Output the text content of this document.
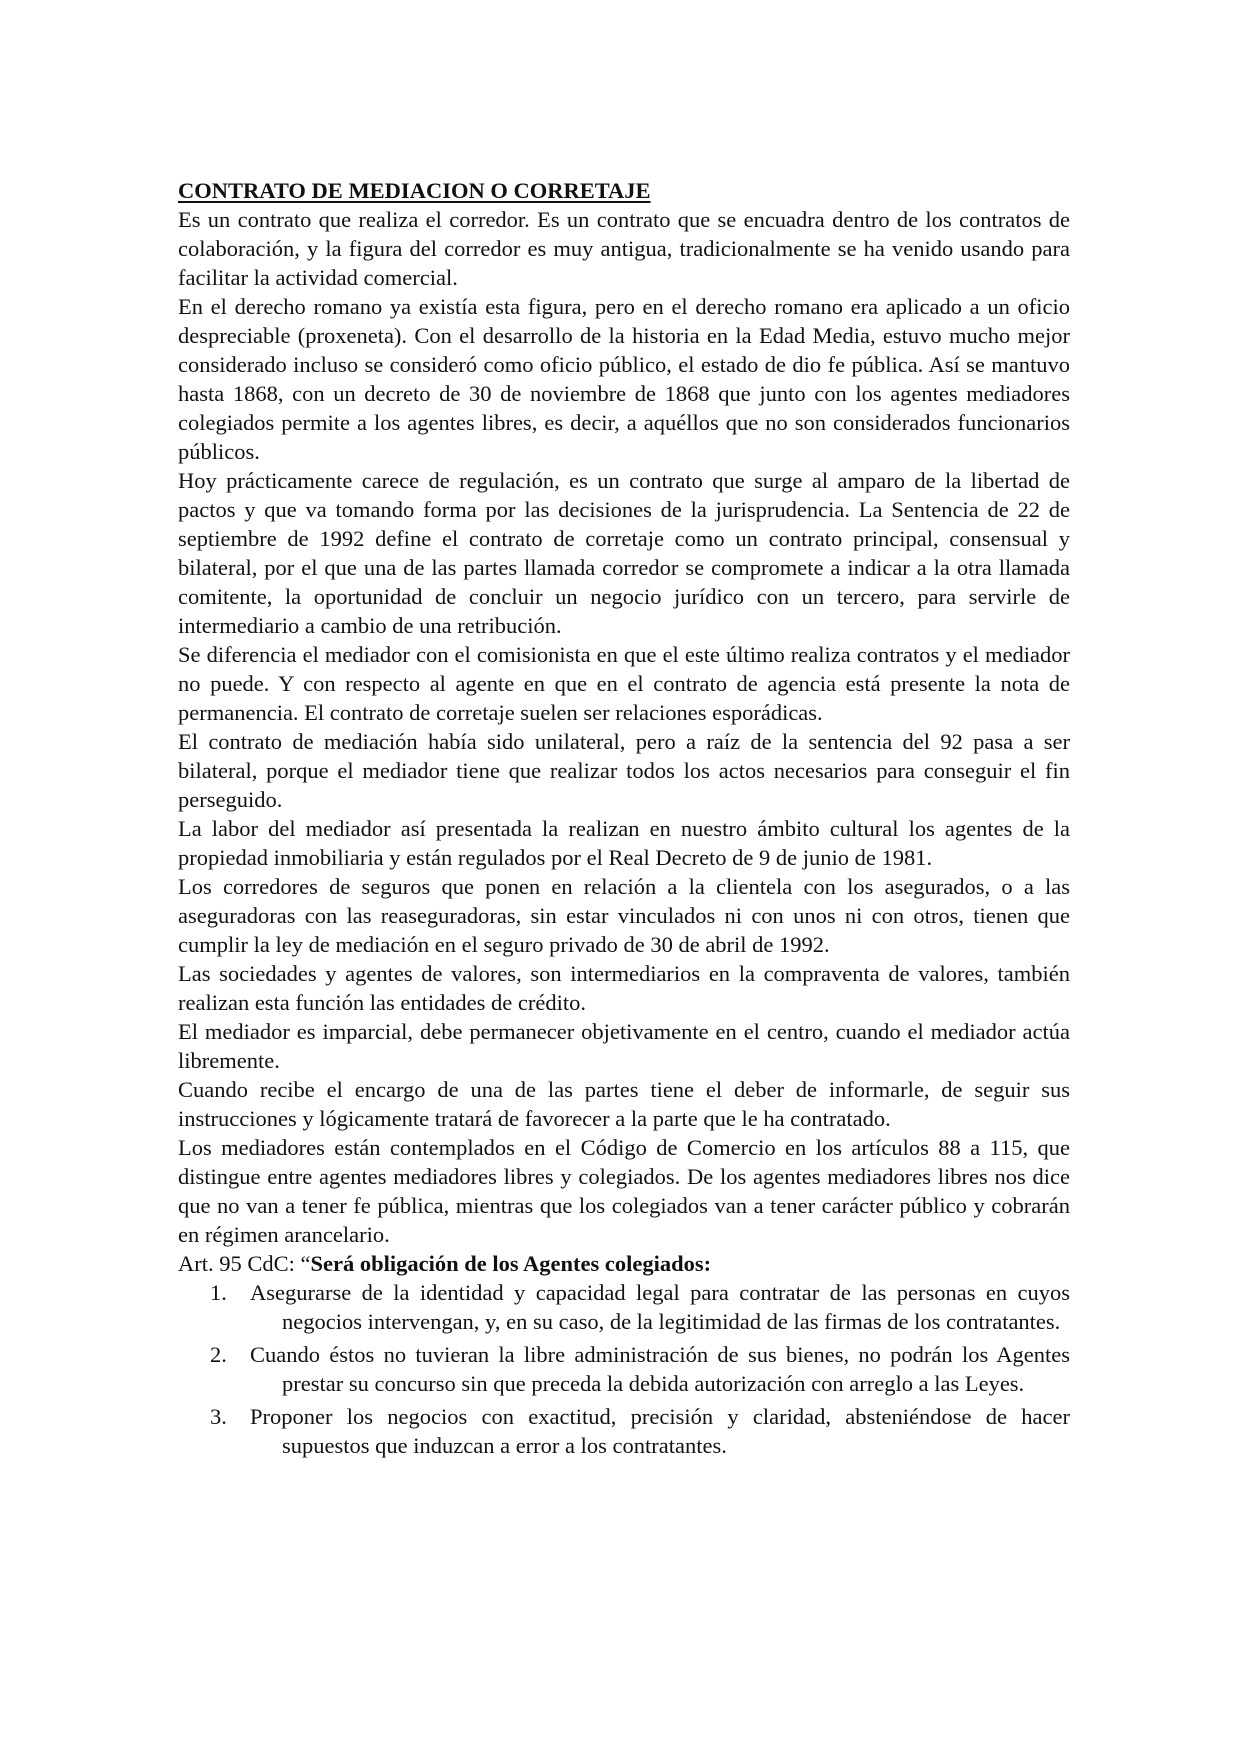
CONTRATO DE MEDIACION O CORRETAJE

Es un contrato que realiza el corredor. Es un contrato que se encuadra dentro de los contratos de colaboración, y la figura del corredor es muy antigua, tradicionalmente se ha venido usando para facilitar la actividad comercial.

En el derecho romano ya existía esta figura, pero en el derecho romano era aplicado a un oficio despreciable (proxeneta). Con el desarrollo de la historia en la Edad Media, estuvo mucho mejor considerado incluso se consideró como oficio público, el estado de dio fe pública. Así se mantuvo hasta 1868, con un decreto de 30 de noviembre de 1868 que junto con los agentes mediadores colegiados permite a los agentes libres, es decir, a aquéllos que no son considerados funcionarios públicos.

Hoy prácticamente carece de regulación, es un contrato que surge al amparo de la libertad de pactos y que va tomando forma por las decisiones de la jurisprudencia. La Sentencia de 22 de septiembre de 1992 define el contrato de corretaje como un contrato principal, consensual y bilateral, por el que una de las partes llamada corredor se compromete a indicar a la otra llamada comitente, la oportunidad de concluir un negocio jurídico con un tercero, para servirle de intermediario a cambio de una retribución.

Se diferencia el mediador con el comisionista en que el este último realiza contratos y el mediador no puede. Y con respecto al agente en que en el contrato de agencia está presente la nota de permanencia. El contrato de corretaje suelen ser relaciones esporádicas.

El contrato de mediación había sido unilateral, pero a raíz de la sentencia del 92 pasa a ser bilateral, porque el mediador tiene que realizar todos los actos necesarios para conseguir el fin perseguido.

La labor del mediador así presentada la realizan en nuestro ámbito cultural los agentes de la propiedad inmobiliaria y están regulados por el Real Decreto de 9 de junio de 1981.

Los corredores de seguros que ponen en relación a la clientela con los asegurados, o a las aseguradoras con las reaseguradoras, sin estar vinculados ni con unos ni con otros, tienen que cumplir la ley de mediación en el seguro privado de 30 de abril de 1992.

Las sociedades y agentes de valores, son intermediarios en la compraventa de valores, también realizan esta función las entidades de crédito.

El mediador es imparcial, debe permanecer objetivamente en el centro, cuando el mediador actúa libremente.

Cuando recibe el encargo de una de las partes tiene el deber de informarle, de seguir sus instrucciones y lógicamente tratará de favorecer a la parte que le ha contratado.

Los mediadores están contemplados en el Código de Comercio en los artículos 88 a 115, que distingue entre agentes mediadores libres y colegiados. De los agentes mediadores libres nos dice que no van a tener fe pública, mientras que los colegiados van a tener carácter público y cobrarán en régimen arancelario.

Art. 95 CdC: “Será obligación de los Agentes colegiados:

1. Asegurarse de la identidad y capacidad legal para contratar de las personas en cuyos negocios intervengan, y, en su caso, de la legitimidad de las firmas de los contratantes.
2. Cuando éstos no tuvieran la libre administración de sus bienes, no podrán los Agentes prestar su concurso sin que preceda la debida autorización con arreglo a las Leyes.
3. Proponer los negocios con exactitud, precisión y claridad, absteniéndose de hacer supuestos que induzcan a error a los contratantes.
